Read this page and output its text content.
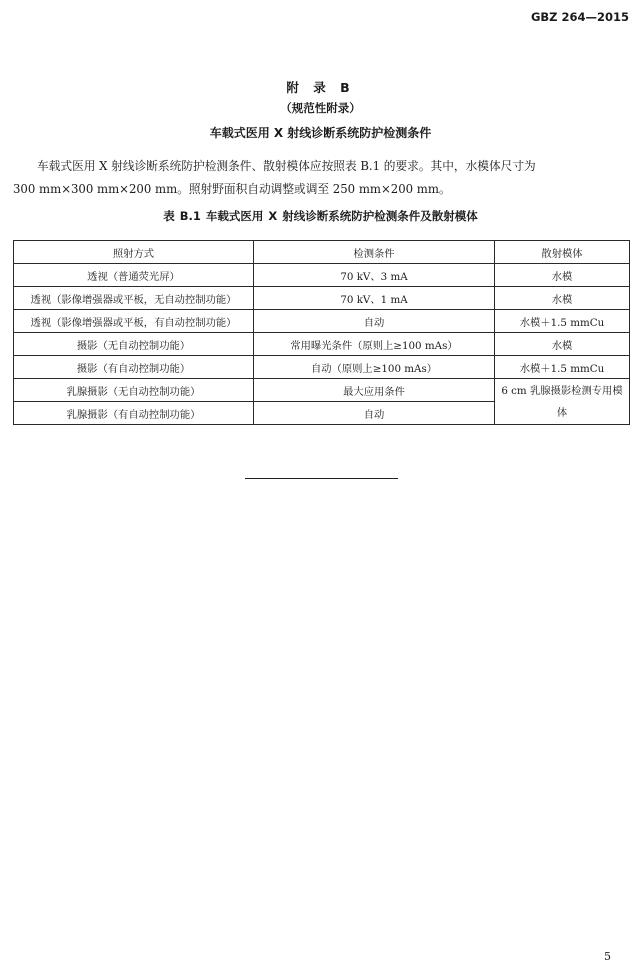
GBZ 264—2015
附 录 B
（规范性附录）
车载式医用 X 射线诊断系统防护检测条件
车载式医用 X 射线诊断系统防护检测条件、散射模体应按照表 B.1 的要求。其中，水模体尺寸为
300 mm×300 mm×200 mm。照射野面积自动调整或调至 250 mm×200 mm。
表 B.1 车载式医用 X 射线诊断系统防护检测条件及散射模体
照射方式	检测条件	散射模体
透视（普通荧光屏）	70 kV、3 mA	水模
透视（影像增强器或平板，无自动控制功能）	70 kV、1 mA	水模
透视（影像增强器或平板，有自动控制功能）	自动	水模＋1.5 mmCu
摄影（无自动控制功能）	常用曝光条件（原则上≥100 mAs）	水模
摄影（有自动控制功能）	自动（原则上≥100 mAs）	水模＋1.5 mmCu
乳腺摄影（无自动控制功能）	最大应用条件	6 cm 乳腺摄影检测专用模体
乳腺摄影（有自动控制功能）	自动	
5
